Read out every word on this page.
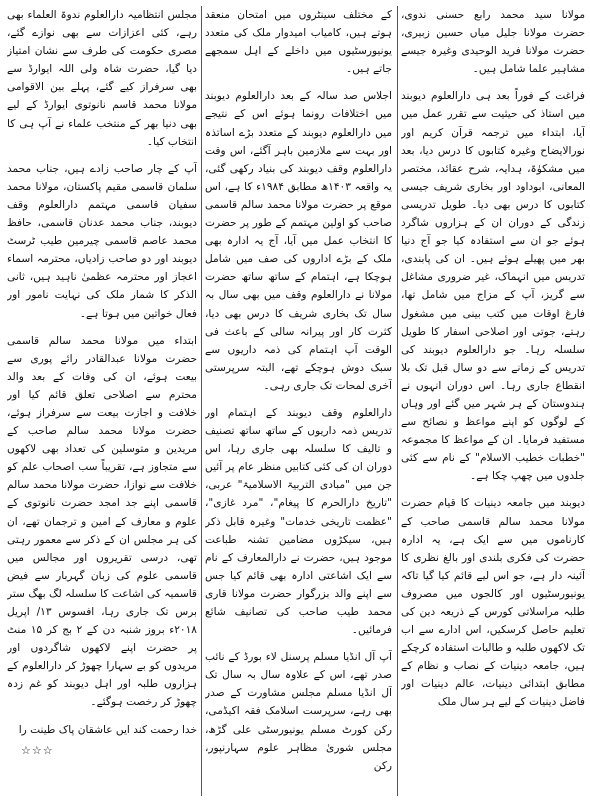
مولانا سید محمد رابع حسنی ندوی، حضرت مولانا جلیل میاں حسین زبیری، حضرت مولانا فرید الوحیدی وغیرہ جیسے مشاہیر علما شامل ہیں۔

فراغت کے فوراً بعد ہی دارالعلوم دیوبند میں استاذ کی حیثیت سے تقرر عمل میں آیا، ابتداء میں ترجمہ قرآن کریم اور نورالایضاح وغیرہ کتابوں کا درس دیا، بعد میں مشکوٰۃ، ہدایہ، شرح عقائد، مختصر المعانی، ابوداود اور بخاری شریف جیسی کتابوں کا درس بھی دیا۔ طویل تدریسی زندگی کے دوران ان کے ہزاروں شاگرد ہوئے جو ان سے استفادہ کیا جو آج دنیا بھر میں پھیلے ہوئے ہیں۔ ان کی پابندی، تدریس میں انہماک، غیر ضروری مشاغل سے گریز، آپ کے مزاج میں شامل تھا، فارغ اوقات میں کتب بینی میں مشغول رہتے، جوتی اور اصلاحی اسفار کا طویل سلسلہ رہا۔ جو دارالعلوم دیوبند کی تدریس کے زمانے سے دو سال قبل تک بلا انقطاع جاری رہا۔ اس دوران انہوں نے ہندوستان کے ہر شہر میں گئے اور وہاں کے لوگوں کو اپنے مواعظ و نصائح سے مستفید فرمایا۔ ان کے مواعظ کا مجموعہ "خطبات خطیب الاسلام" کے نام سے کئی جلدوں میں چھپ چکا ہے۔

دیوبند میں جامعہ دینیات کا قیام حضرت مولانا محمد سالم قاسمی صاحب کے کارناموں میں سے ایک ہے، یہ ادارہ حضرت کی فکری بلندی اور بالغ نظری کا آئینہ دار ہے، جو اس لیے قائم کیا گیا تاکہ یونیورسٹیوں اور کالجوں میں مصروف طلبہ مراسلاتی کورس کے ذریعہ دین کی تعلیم حاصل کرسکیں، اس ادارے سے اب تک لاکھوں طلبہ و طالبات استفادہ کرچکے ہیں، جامعہ دینیات کے نصاب و نظام کے مطابق ابتدائی دینیات، عالم دینیات اور فاضل دینیات کے لیے ہر سال ملک

کے مختلف سینٹروں میں امتحان منعقد ہوتے ہیں، کامیاب امیدوار ملک کی متعدد یونیورسٹیوں میں داخلے کے اہل سمجھے جاتے ہیں۔

اجلاس صد سالہ کے بعد دارالعلوم دیوبند میں اختلافات رونما ہوئے اس کے نتیجے میں دارالعلوم دیوبند کے متعدد بڑے اساتذہ اور بہت سے ملازمین باہر آگئے، اس وقت دارالعلوم وقف دیوبند کی بنیاد رکھی گئی، یہ واقعہ ۱۴۰۳ھ مطابق ۱۹۸۴ء کا ہے، اس موقع پر حضرت مولانا محمد سالم قاسمی صاحب کو اولین مہتمم کے طور پر حضرت کا انتخاب عمل میں آیا، آج یہ ادارہ بھی ملک کے بڑے اداروں کی صف میں شامل ہوچکا ہے، اہتمام کے ساتھ ساتھ حضرت مولانا نے دارالعلوم وقف میں بھی سال بہ سال تک بخاری شریف کا درس بھی دیا، کثرت کار اور پیرانہ سالی کے باعث فی الوقت آپ اہتمام کی ذمہ داریوں سے سبک دوش ہوچکے تھے، البتہ سرپرستی آخری لمحات تک جاری رہی۔

دارالعلوم وقف دیوبند کے اہتمام اور تدریس ذمہ داریوں کے ساتھ ساتھ تصنیف و تالیف کا سلسلہ بھی جاری رہا، اس دوران ان کی کئی کتابیں منظر عام پر آئیں جن میں "مبادی التربیۃ الاسلامیۃ" عربی، "تاریخ دارالحرم کا پیغام"، "مرد غازی"، "عظمت تاریخی خدمات" وغیرہ قابل ذکر ہیں، سیکڑوں مضامین تشنہ طباعت موجود ہیں، حضرت نے دارالمعارف کے نام سے ایک اشاعتی ادارہ بھی قائم کیا جس سے اپنے والد بزرگوار حضرت مولانا قاری محمد طیب صاحب کی تصانیف شائع فرمائیں۔

آپ آل انڈیا مسلم پرسنل لاء بورڈ کے نائب صدر تھے، اس کے علاوہ سال بہ سال تک آل انڈیا مسلم مجلس مشاورت کے صدر بھی رہے، سرپرست اسلامک فقہ اکیڈمی، رکن کورٹ مسلم یونیورسٹی علی گڑھ، مجلس شوریٰ مظاہر علوم سہارنپور، رکن

مجلس انتظامیہ دارالعلوم ندوۃ العلماء بھی رہے، کئی اعزازات سے بھی نوازے گئے، مصری حکومت کی طرف سے نشان امتیاز دیا گیا، حضرت شاہ ولی اللہ ایوارڈ سے بھی سرفراز کیے گئے، پہلے بین الاقوامی مولانا محمد قاسم نانوتوی ایوارڈ کے لیے بھی دنیا بھر کے منتخب علماء نے آپ ہی کا انتخاب کیا۔

آپ کے چار صاحب زادے ہیں، جناب محمد سلمان قاسمی مقیم پاکستان، مولانا محمد سفیان قاسمی مہتمم دارالعلوم وقف دیوبند، جناب محمد عدنان قاسمی، حافظ محمد عاصم قاسمی چیرمین طیب ٹرسٹ دیوبند اور دو صاحب زادیاں، محترمہ اسماء اعجاز اور محترمہ عظمیٰ ناہید ہیں، ثانی الذکر کا شمار ملک کی نہایت نامور اور فعال خواتین میں ہوتا ہے۔

ابتداء میں مولانا محمد سالم قاسمی حضرت مولانا عبدالقادر رائے پوری سے بیعت ہوئے، ان کی وفات کے بعد والد محترم سے اصلاحی تعلق قائم کیا اور خلافت و اجازت بیعت سے سرفراز ہوئے، حضرت مولانا محمد سالم صاحب کے مریدین و متوسلین کی تعداد بھی لاکھوں سے متجاوز ہے، تقریباً سب اصحاب علم کو خلافت سے نوازا، حضرت مولانا محمد سالم قاسمی اپنے جد امجد حضرت نانوتوی کے علوم و معارف کے امین و ترجمان تھے، ان کی ہر مجلس ان کے ذکر سے معمور رہتی تھی، درسی تقریروں اور مجالس میں قاسمی علوم کی زبان گہربار سے فیض قاسمیہ کی اشاعت کا سلسلہ لگ بھگ ستر برس تک جاری رہا، افسوس ۱۳/ اپریل ۲۰۱۸ء بروز شنبہ دن کے ۲ بج کر ۱۵ منٹ پر حضرت اپنے لاکھوں شاگردوں اور مریدوں کو بے سہارا چھوڑ کر دارالعلوم کے ہزاروں طلبہ اور اہل دیوبند کو غم زدہ چھوڑ کر رخصت ہوگئے۔

خدا رحمت کند ایں عاشقان پاک طینت را

☆☆☆
